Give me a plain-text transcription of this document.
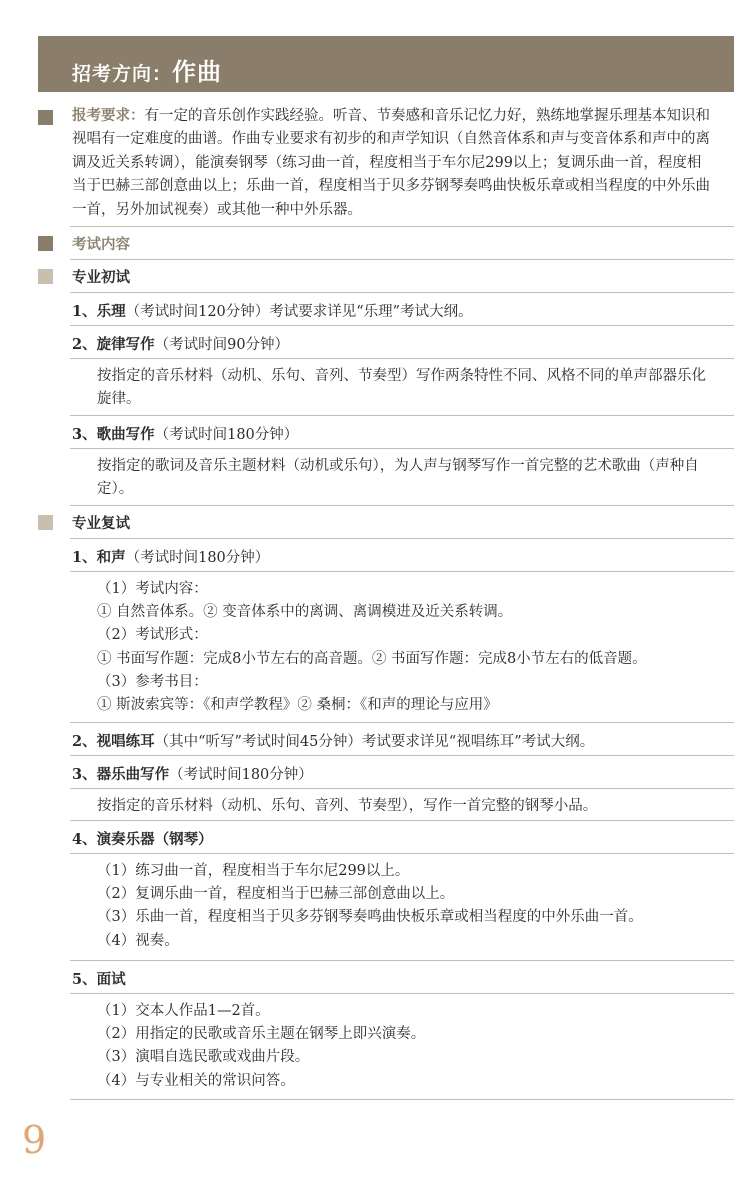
招考方向：作曲
报考要求：有一定的音乐创作实践经验。听音、节奏感和音乐记忆力好，熟练地掌握乐理基本知识和视唱有一定难度的曲谱。作曲专业要求有初步的和声学知识（自然音体系和声与变音体系和声中的离调及近关系转调），能演奏钢琴（练习曲一首，程度相当于车尔尼299以上；复调乐曲一首，程度相当于巴赫三部创意曲以上；乐曲一首，程度相当于贝多芬钢琴奏鸣曲快板乐章或相当程度的中外乐曲一首，另外加试视奏）或其他一种中外乐器。
考试内容
专业初试
1、乐理（考试时间120分钟）考试要求详见“乐理”考试大纲。
2、旋律写作（考试时间90分钟）
按指定的音乐材料（动机、乐句、音列、节奏型）写作两条特性不同、风格不同的单声部器乐化旋律。
3、歌曲写作（考试时间180分钟）
按指定的歌词及音乐主题材料（动机或乐句），为人声与钢琴写作一首完整的艺术歌曲（声种自定）。
专业复试
1、和声（考试时间180分钟）
（1）考试内容：
① 自然音体系。② 变音体系中的离调、离调模进及近关系转调。
（2）考试形式：
① 书面写作题：完成8小节左右的高音题。② 书面写作题：完成8小节左右的低音题。
（3）参考书目：
① 斯波索宾等：《和声学教程》② 桑桐：《和声的理论与应用》
2、视唱练耳（其中“听写”考试时间45分钟）考试要求详见“视唱练耳”考试大纲。
3、器乐曲写作（考试时间180分钟）
按指定的音乐材料（动机、乐句、音列、节奏型），写作一首完整的钢琴小品。
4、演奏乐器（钢琴）
（1）练习曲一首，程度相当于车尔尼299以上。
（2）复调乐曲一首，程度相当于巴赫三部创意曲以上。
（3）乐曲一首，程度相当于贝多芬钢琴奏鸣曲快板乐章或相当程度的中外乐曲一首。
（4）视奏。
5、面试
（1）交本人作品1—2首。
（2）用指定的民歌或音乐主题在钢琴上即兴演奏。
（3）演唱自选民歌或戏曲片段。
（4）与专业相关的常识问答。
9
